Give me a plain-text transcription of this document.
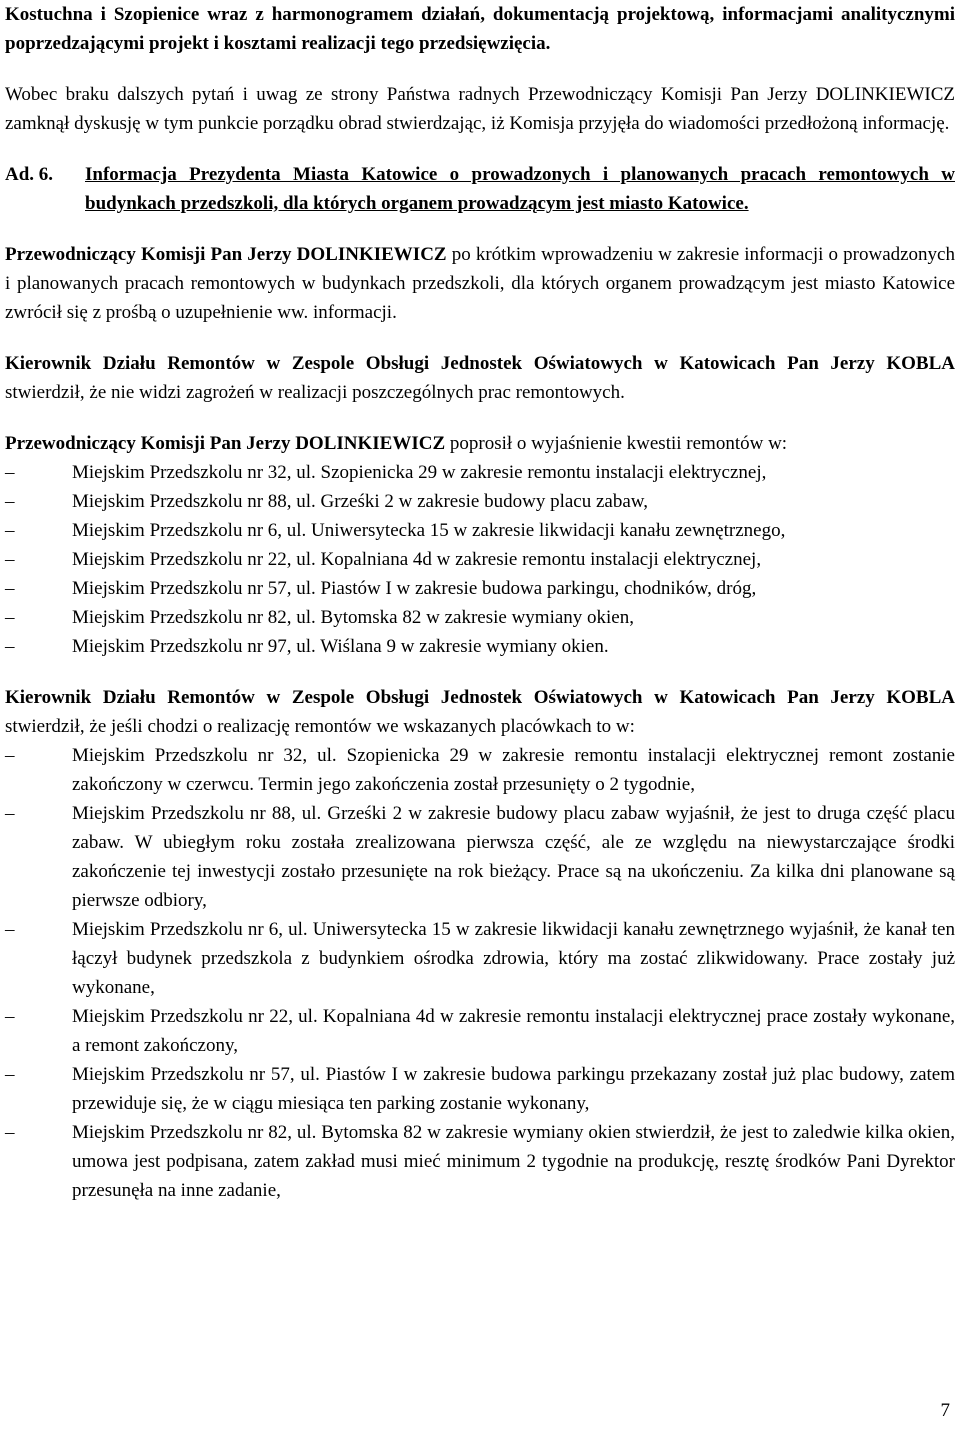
Kostuchna i Szopienice wraz z harmonogramem działań, dokumentacją projektową, informacjami analitycznymi poprzedzającymi projekt i kosztami realizacji tego przedsięwzięcia.

Wobec braku dalszych pytań i uwag ze strony Państwa radnych Przewodniczący Komisji Pan Jerzy DOLINKIEWICZ zamknął dyskusję w tym punkcie porządku obrad stwierdzając, iż Komisja przyjęła do wiadomości przedłożoną informację.

Ad. 6.	Informacja Prezydenta Miasta Katowice o prowadzonych i planowanych pracach remontowych w budynkach przedszkoli, dla których organem prowadzącym jest miasto Katowice.

Przewodniczący Komisji Pan Jerzy DOLINKIEWICZ po krótkim wprowadzeniu w zakresie informacji o prowadzonych i planowanych pracach remontowych w budynkach przedszkoli, dla których organem prowadzącym jest miasto Katowice zwrócił się z prośbą o uzupełnienie ww. informacji.

Kierownik Działu Remontów w Zespole Obsługi Jednostek Oświatowych w Katowicach Pan Jerzy KOBLA stwierdził, że nie widzi zagrożeń w realizacji poszczególnych prac remontowych.

Przewodniczący Komisji Pan Jerzy DOLINKIEWICZ poprosił o wyjaśnienie kwestii remontów w:

–	Miejskim Przedszkolu nr 32, ul. Szopienicka 29 w zakresie remontu instalacji elektrycznej,
–	Miejskim Przedszkolu nr 88, ul. Grześki 2 w zakresie budowy placu zabaw,
–	Miejskim Przedszkolu nr 6, ul. Uniwersytecka 15 w zakresie likwidacji kanału zewnętrznego,
–	Miejskim Przedszkolu nr 22, ul. Kopalniana 4d w zakresie remontu instalacji elektrycznej,
–	Miejskim Przedszkolu nr 57, ul. Piastów I w zakresie budowa parkingu, chodników, dróg,
–	Miejskim Przedszkolu nr 82, ul. Bytomska 82 w zakresie wymiany okien,
–	Miejskim Przedszkolu nr 97, ul. Wiślana 9 w zakresie wymiany okien.

Kierownik Działu Remontów w Zespole Obsługi Jednostek Oświatowych w Katowicach Pan Jerzy KOBLA stwierdził, że jeśli chodzi o realizację remontów we wskazanych placówkach to w:

–	Miejskim Przedszkolu nr 32, ul. Szopienicka 29 w zakresie remontu instalacji elektrycznej remont zostanie zakończony w czerwcu. Termin jego zakończenia został przesunięty o 2 tygodnie,
–	Miejskim Przedszkolu nr 88, ul. Grześki 2 w zakresie budowy placu zabaw wyjaśnił, że jest to druga część placu zabaw. W ubiegłym roku została zrealizowana pierwsza część, ale ze względu na niewystarczające środki zakończenie tej inwestycji zostało przesunięte na rok bieżący. Prace są na ukończeniu. Za kilka dni planowane są pierwsze odbiory,
–	Miejskim Przedszkolu nr 6, ul. Uniwersytecka 15 w zakresie likwidacji kanału zewnętrznego wyjaśnił, że kanał ten łączył budynek przedszkola z budynkiem ośrodka zdrowia, który ma zostać zlikwidowany. Prace zostały już wykonane,
–	Miejskim Przedszkolu nr 22, ul. Kopalniana 4d w zakresie remontu instalacji elektrycznej prace zostały wykonane, a remont zakończony,
–	Miejskim Przedszkolu nr 57, ul. Piastów I w zakresie budowa parkingu przekazany został już plac budowy, zatem przewiduje się, że w ciągu miesiąca ten parking zostanie wykonany,
–	Miejskim Przedszkolu nr 82, ul. Bytomska 82 w zakresie wymiany okien stwierdził, że jest to zaledwie kilka okien, umowa jest podpisana, zatem zakład musi mieć minimum 2 tygodnie na produkcję, resztę środków Pani Dyrektor przesunęła na inne zadanie,
7
